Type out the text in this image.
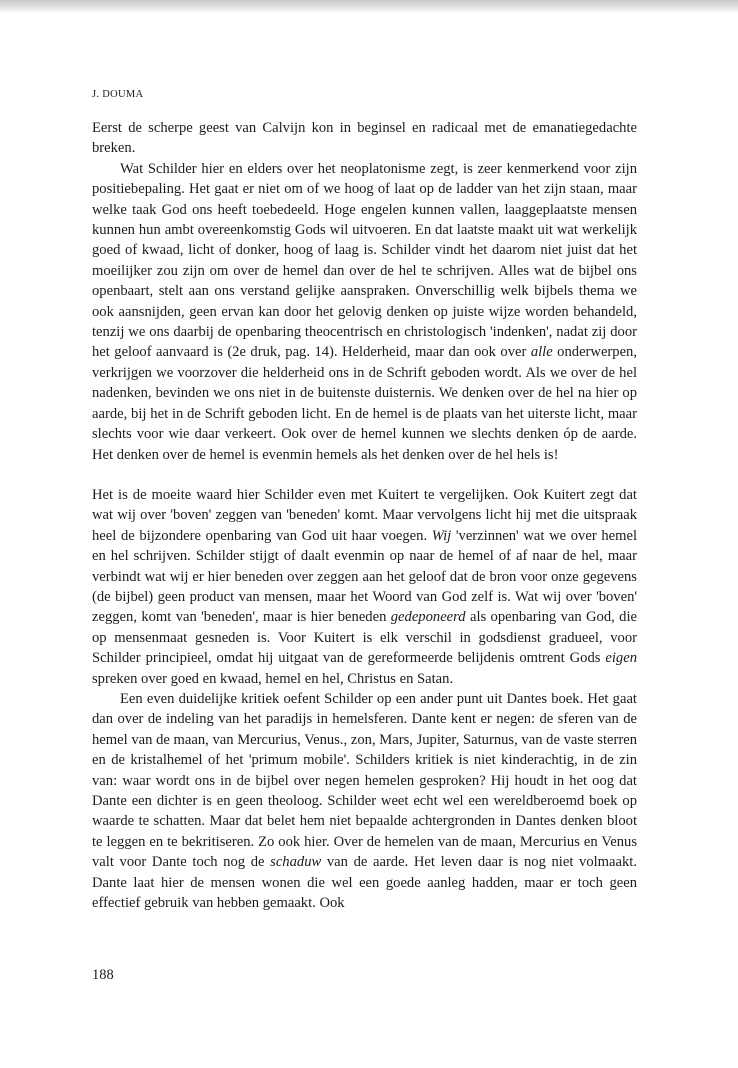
J. DOUMA

Eerst de scherpe geest van Calvijn kon in beginsel en radicaal met de emanatiegedachte breken.

Wat Schilder hier en elders over het neoplatonisme zegt, is zeer kenmerkend voor zijn positiebepaling. Het gaat er niet om of we hoog of laat op de ladder van het zijn staan, maar welke taak God ons heeft toebedeeld. Hoge engelen kunnen vallen, laaggeplaatste mensen kunnen hun ambt overeenkomstig Gods wil uitvoeren. En dat laatste maakt uit wat werkelijk goed of kwaad, licht of donker, hoog of laag is. Schilder vindt het daarom niet juist dat het moeilijker zou zijn om over de hemel dan over de hel te schrijven. Alles wat de bijbel ons openbaart, stelt aan ons verstand gelijke aanspraken. Onverschillig welk bijbels thema we ook aansnijden, geen ervan kan door het gelovig denken op juiste wijze worden behandeld, tenzij we ons daarbij de openbaring theocentrisch en christologisch 'indenken', nadat zij door het geloof aanvaard is (2e druk, pag. 14). Helderheid, maar dan ook over alle onderwerpen, verkrijgen we voorzover die helderheid ons in de Schrift geboden wordt. Als we over de hel nadenken, bevinden we ons niet in de buitenste duisternis. We denken over de hel na hier op aarde, bij het in de Schrift geboden licht. En de hemel is de plaats van het uiterste licht, maar slechts voor wie daar verkeert. Ook over de hemel kunnen we slechts denken óp de aarde. Het denken over de hemel is evenmin hemels als het denken over de hel hels is!

Het is de moeite waard hier Schilder even met Kuitert te vergelijken. Ook Kuitert zegt dat wat wij over 'boven' zeggen van 'beneden' komt. Maar vervolgens licht hij met die uitspraak heel de bijzondere openbaring van God uit haar voegen. Wij 'verzinnen' wat we over hemel en hel schrijven. Schilder stijgt of daalt evenmin op naar de hemel of af naar de hel, maar verbindt wat wij er hier beneden over zeggen aan het geloof dat de bron voor onze gegevens (de bijbel) geen product van mensen, maar het Woord van God zelf is. Wat wij over 'boven' zeggen, komt van 'beneden', maar is hier beneden gedeponeerd als openbaring van God, die op mensenmaat gesneden is. Voor Kuitert is elk verschil in godsdienst gradueel, voor Schilder principieel, omdat hij uitgaat van de gereformeerde belijdenis omtrent Gods eigen spreken over goed en kwaad, hemel en hel, Christus en Satan.

Een even duidelijke kritiek oefent Schilder op een ander punt uit Dantes boek. Het gaat dan over de indeling van het paradijs in hemelsferen. Dante kent er negen: de sferen van de hemel van de maan, van Mercurius, Venus., zon, Mars, Jupiter, Saturnus, van de vaste sterren en de kristalhemel of het 'primum mobile'. Schilders kritiek is niet kinderachtig, in de zin van: waar wordt ons in de bijbel over negen hemelen gesproken? Hij houdt in het oog dat Dante een dichter is en geen theoloog. Schilder weet echt wel een wereldberoemd boek op waarde te schatten. Maar dat belet hem niet bepaalde achtergronden in Dantes denken bloot te leggen en te bekritiseren. Zo ook hier. Over de hemelen van de maan, Mercurius en Venus valt voor Dante toch nog de schaduw van de aarde. Het leven daar is nog niet volmaakt. Dante laat hier de mensen wonen die wel een goede aanleg hadden, maar er toch geen effectief gebruik van hebben gemaakt. Ook

188
